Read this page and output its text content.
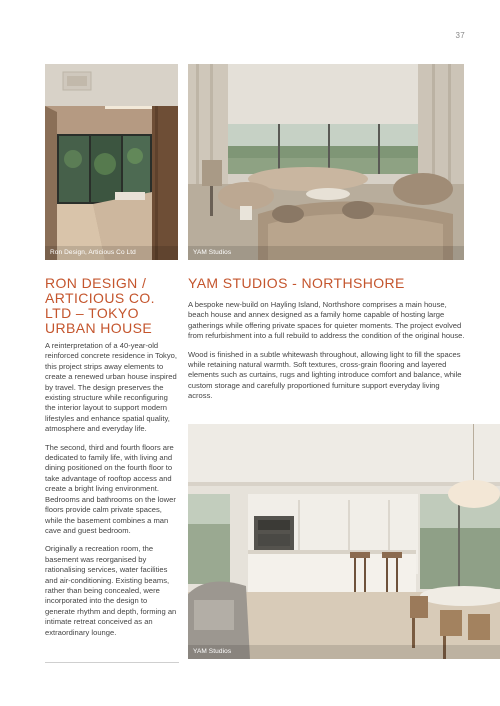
37
Ron Design, Articious Co Ltd	YAM Studios
RON DESIGN / ARTICIOUS CO. LTD – TOKYO URBAN HOUSE
YAM STUDIOS - NORTHSHORE

A reinterpretation of a 40-year-old reinforced concrete residence in Tokyo, this project strips away elements to create a renewed urban house inspired by travel. The design preserves the existing structure while reconfiguring the interior layout to support modern lifestyles and enhance spatial quality, atmosphere and everyday life.

The second, third and fourth floors are dedicated to family life, with living and dining positioned on the fourth floor to take advantage of rooftop access and create a bright living environment. Bedrooms and bathrooms on the lower floors provide calm private spaces, while the basement combines a man cave and guest bedroom.

Originally a recreation room, the basement was reorganised by rationalising services, water facilities and air-conditioning. Existing beams, rather than being concealed, were incorporated into the design to generate rhythm and depth, forming an intimate retreat conceived as an extraordinary lounge.

A bespoke new-build on Hayling Island, Northshore comprises a main house, beach house and annex designed as a family home capable of hosting large gatherings while offering private spaces for quieter moments. The project evolved from refurbishment into a full rebuild to address the condition of the original house.

Wood is finished in a subtle whitewash throughout, allowing light to fill the spaces while retaining natural warmth. Soft textures, cross-grain flooring and layered elements such as curtains, rugs and lighting introduce comfort and balance, while custom storage and carefully proportioned furniture support everyday living across.

YAM Studios
